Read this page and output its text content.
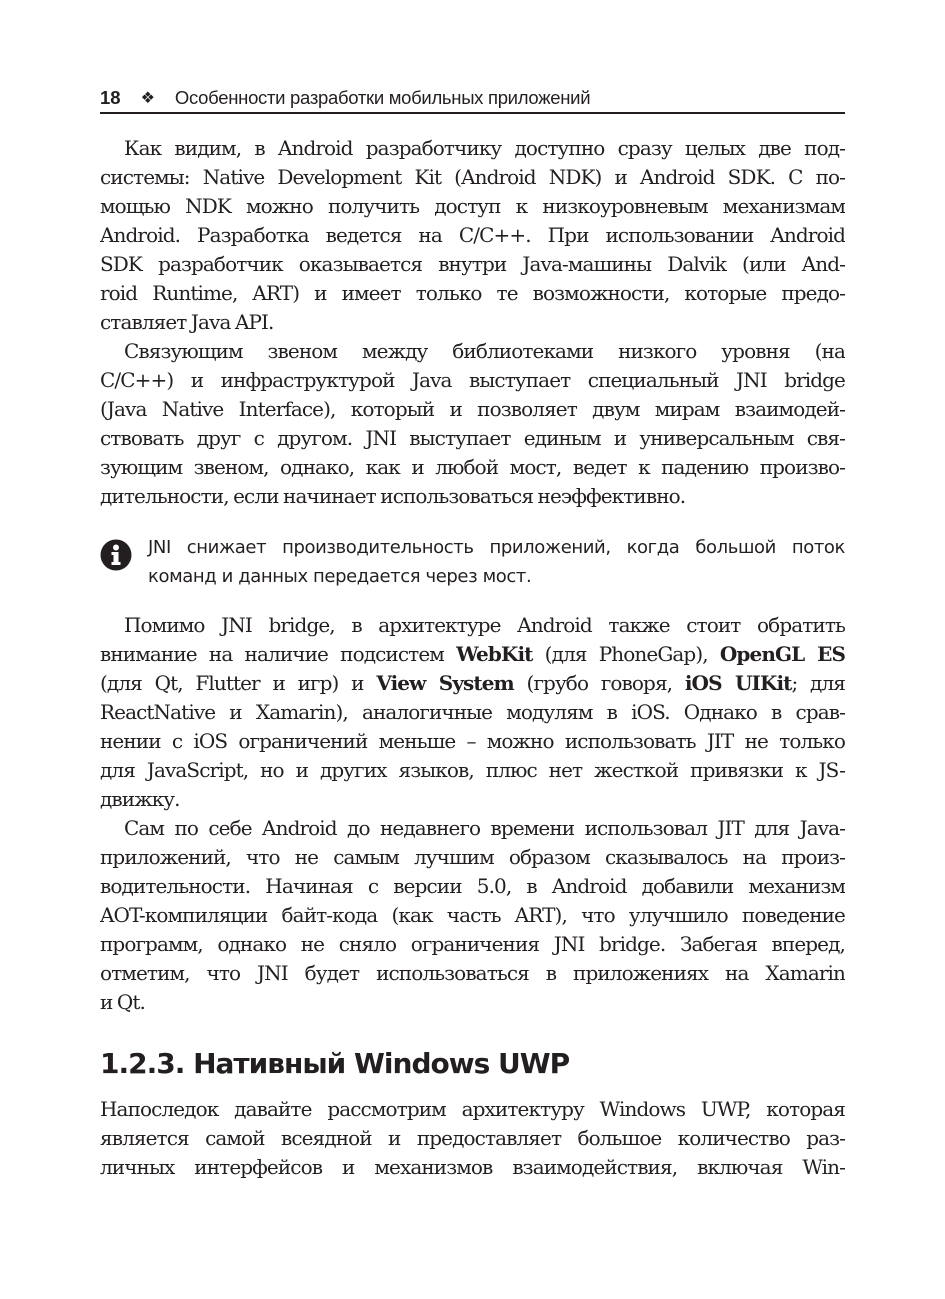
18 ❖ Особенности разработки мобильных приложений
Как видим, в Android разработчику доступно сразу целых две под-
системы: Native Development Kit (Android NDK) и Android SDK. С по-
мощью NDK можно получить доступ к низкоуровневым механизмам
Android. Разработка ведется на C/C++. При использовании Android
SDK разработчик оказывается внутри Java-машины Dalvik (или And-
roid Runtime, ART) и имеет только те возможности, которые предо-
ставляет Java API.
Связующим звеном между библиотеками низкого уровня (на
C/C++) и инфраструктурой Java выступает специальный JNI bridge
(Java Native Interface), который и позволяет двум мирам взаимодей-
ствовать друг с другом. JNI выступает единым и универсальным свя-
зующим звеном, однако, как и любой мост, ведет к падению произво-
дительности, если начинает использоваться неэффективно.
JNI снижает производительность приложений, когда большой поток
команд и данных передается через мост.
Помимо JNI bridge, в архитектуре Android также стоит обратить
внимание на наличие подсистем WebKit (для PhoneGap), OpenGL ES
(для Qt, Flutter и игр) и View System (грубо говоря, iOS UIKit; для
ReactNative и Xamarin), аналогичные модулям в iOS. Однако в срав-
нении с iOS ограничений меньше – можно использовать JIT не только
для JavaScript, но и других языков, плюс нет жесткой привязки к JS-
движку.
Сам по себе Android до недавнего времени использовал JIT для Java-
приложений, что не самым лучшим образом сказывалось на произ-
водительности. Начиная с версии 5.0, в Android добавили механизм
AOT-компиляции байт-кода (как часть ART), что улучшило поведение
программ, однако не сняло ограничения JNI bridge. Забегая вперед,
отметим, что JNI будет использоваться в приложениях на Xamarin
и Qt.
1.2.3. Нативный Windows UWP
Напоследок давайте рассмотрим архитектуру Windows UWP, которая
является самой всеядной и предоставляет большое количество раз-
личных интерфейсов и механизмов взаимодействия, включая Win-
